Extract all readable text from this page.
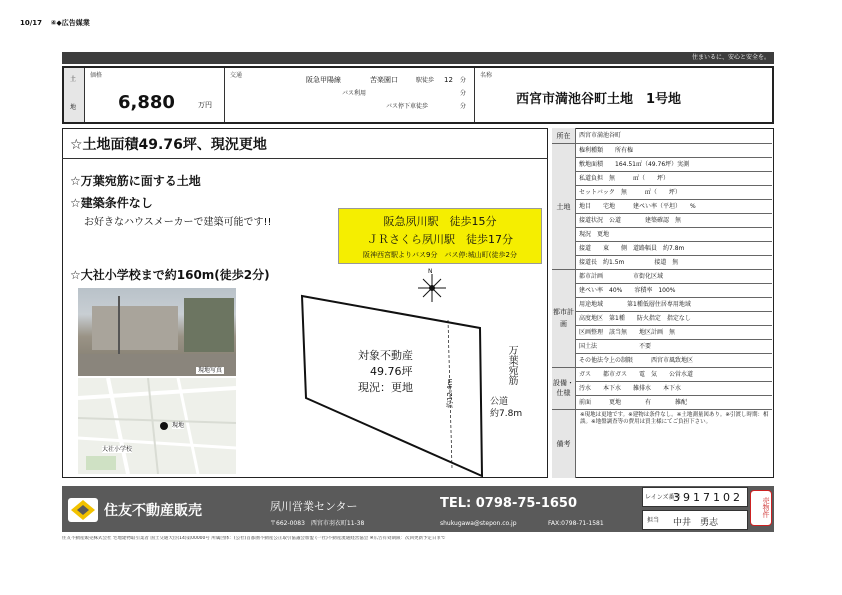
10/17 ④◆広告媒業
住まいるに、安心と安全を。
土
地
価格
6,880	万円
交通
阪急甲陽線	苦楽園口	駅徒歩 12 分
バス利用	分
バス停下車徒歩	分
名称
西宮市満池谷町土地　1号地
☆土地面積49.76坪、現況更地
☆万葉宛筋に面する土地
☆建築条件なし
お好きなハウスメーカーで建築可能です!!
☆大社小学校まで約160m(徒歩2分)
阪急夙川駅　徒歩15分
ＪＲさくら夙川駅　徒歩17分
阪神西宮駅よりバス9分　バス停:城山町(徒歩2分
現地写真
現地
大社小学校
N
対象不動産
49.76坪
現況：更地	約12.4m
万葉宛筋
公道
約7.8m
所在	西宮市満池谷町
土地
権利種類　　所有権
敷地面積　　164.51㎡（49.76坪）実測
私道負担　無　　　㎡（　　坪）
セットバック　無　　　㎡（　　坪）
地目　　宅地　　　建ぺい率（平坦）　　%
接道状況　公道　　　　建築確認　無
現況　更地
接道　　東　　側　道路幅員　約7.8m
接道長　約1.5m　　　　　接道　無
都市計画
都市計画　　　　　市街化区域
建ぺい率　40%　　容積率　100%
用途地域　　　　第1種低層住居専用地域
高度地区　第1種　　防火指定　指定なし
区画整理　該当無　　地区計画　無
国土法　　　　　　　不要
その他法令上の制限　　　西宮市風致地区
設備・仕様
ガス　　都市ガス　　電　気　　公営水道
汚水　　本下水　　雑排水　　本下水
前面　　　更地　　　　有　　　　雑配
備考
※現地は更地です。※建物は条件なし。※土地測量図あり。※引渡し時期：相談。※地盤調査等の費用は買主様にてご負担下さい。
住友不動産販売	夙川営業センター	TEL: 0798-75-1650
〒662-0083　西宮市羽衣町11-38	shukugawa@stepon.co.jp	FAX:0798-71-1581
レインズ番号
3917102
担当 中井　勇志
売物件
住友不動産販売株式会社 宅地建物取引業者 国土交通大臣(14)第00000号 所属団体：(公社)首都圏不動産公正取引協議会加盟 (一社)不動産流通経営協会 ※広告有効期限：次回更新予定日まで
